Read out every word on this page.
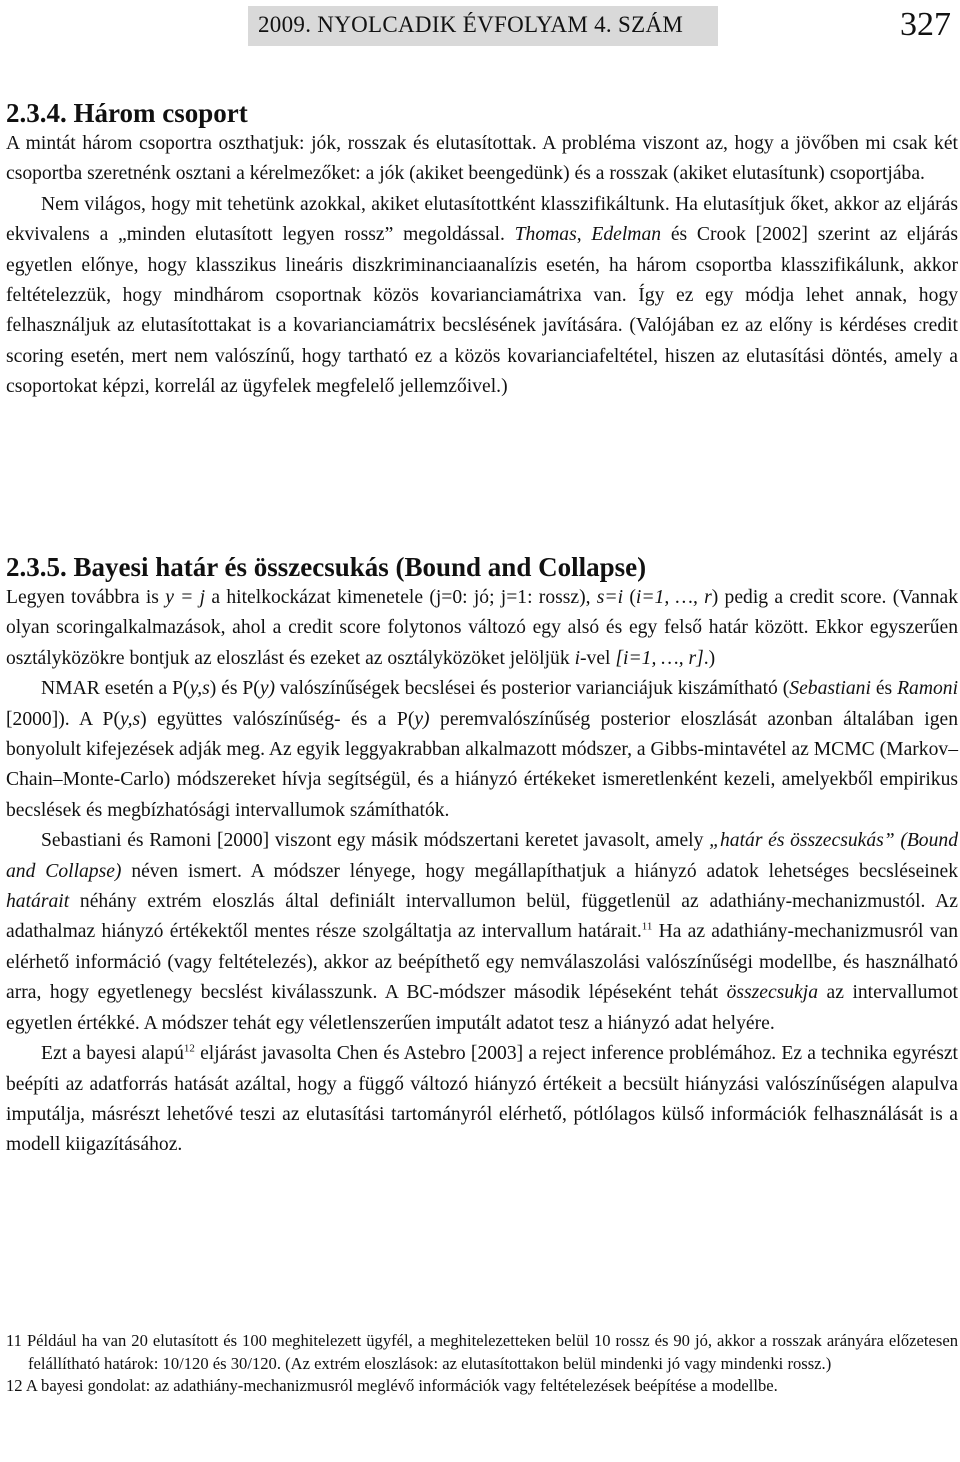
2009. NYOLCADIK ÉVFOLYAM 4. SZÁM	327
2.3.4. Három csoport

A mintát három csoportra oszthatjuk: jók, rosszak és elutasítottak. A probléma viszont az, hogy a jövőben mi csak két csoportba szeretnénk osztani a kérelmezőket: a jók (akiket beengedünk) és a rosszak (akiket elutasítunk) csoportjába.

Nem világos, hogy mit tehetünk azokkal, akiket elutasítottként klasszifikáltunk. Ha elutasítjuk őket, akkor az eljárás ekvivalens a „minden elutasított legyen rossz” megoldással. Thomas, Edelman és Crook [2002] szerint az eljárás egyetlen előnye, hogy klasszikus lineáris diszkriminanciaanalízis esetén, ha három csoportba klasszifikálunk, akkor feltételezzük, hogy mindhárom csoportnak közös kovarianciamátrixa van. Így ez egy módja lehet annak, hogy felhasználjuk az elutasítottakat is a kovarianciamátrix becslésének javítására. (Valójában ez az előny is kérdéses credit scoring esetén, mert nem valószínű, hogy tartható ez a közös kovarianciafeltétel, hiszen az elutasítási döntés, amely a csoportokat képzi, korrelál az ügyfelek megfelelő jellemzőivel.)

2.3.5. Bayesi határ és összecsukás (Bound and Collapse)

Legyen továbbra is y = j a hitelkockázat kimenetele (j=0: jó; j=1: rossz), s=i (i=1, …, r) pedig a credit score. (Vannak olyan scoringalkalmazások, ahol a credit score folytonos változó egy alsó és egy felső határ között. Ekkor egyszerűen osztályközökre bontjuk az eloszlást és ezeket az osztályközöket jelöljük i-vel [i=1, …, r].)

NMAR esetén a P(y,s) és P(y) valószínűségek becslései és posterior varianciájuk kiszámítható (Sebastiani és Ramoni [2000]). A P(y,s) együttes valószínűség- és a P(y) peremvalószínűség posterior eloszlását azonban általában igen bonyolult kifejezések adják meg. Az egyik leggyakrabban alkalmazott módszer, a Gibbs-mintavétel az MCMC (Markov–Chain–Monte-Carlo) módszereket hívja segítségül, és a hiányzó értékeket ismeretlenként kezeli, amelyekből empirikus becslések és megbízhatósági intervallumok számíthatók.

Sebastiani és Ramoni [2000] viszont egy másik módszertani keretet javasolt, amely „határ és összecsukás” (Bound and Collapse) néven ismert. A módszer lényege, hogy megállapíthatjuk a hiányzó adatok lehetséges becsléseinek határait néhány extrém eloszlás által definiált intervallumon belül, függetlenül az adathiány-mechanizmustól. Az adathalmaz hiányzó értékektől mentes része szolgáltatja az intervallum határait.$^{11}$ Ha az adathiány-mechanizmusról van elérhető információ (vagy feltételezés), akkor az beépíthető egy nemválaszolási valószínűségi modellbe, és használható arra, hogy egyetlenegy becslést kiválasszunk. A BC-módszer második lépéseként tehát összecsukja az intervallumot egyetlen értékké. A módszer tehát egy véletlenszerűen imputált adatot tesz a hiányzó adat helyére.

Ezt a bayesi alapú$^{12}$ eljárást javasolta Chen és Astebro [2003] a reject inference problémához. Ez a technika egyrészt beépíti az adatforrás hatását azáltal, hogy a függő változó hiányzó értékeit a becsült hiányzási valószínűségen alapulva imputálja, másrészt lehetővé teszi az elutasítási tartományról elérhető, pótlólagos külső információk felhasználását is a modell kiigazításához.

11 Például ha van 20 elutasított és 100 meghitelezett ügyfél, a meghitelezetteken belül 10 rossz és 90 jó, akkor a rosszak arányára előzetesen felállítható határok: 10/120 és 30/120. (Az extrém eloszlások: az elutasítottakon belül mindenki jó vagy mindenki rossz.)

12 A bayesi gondolat: az adathiány-mechanizmusról meglévő információk vagy feltételezések beépítése a modellbe.
